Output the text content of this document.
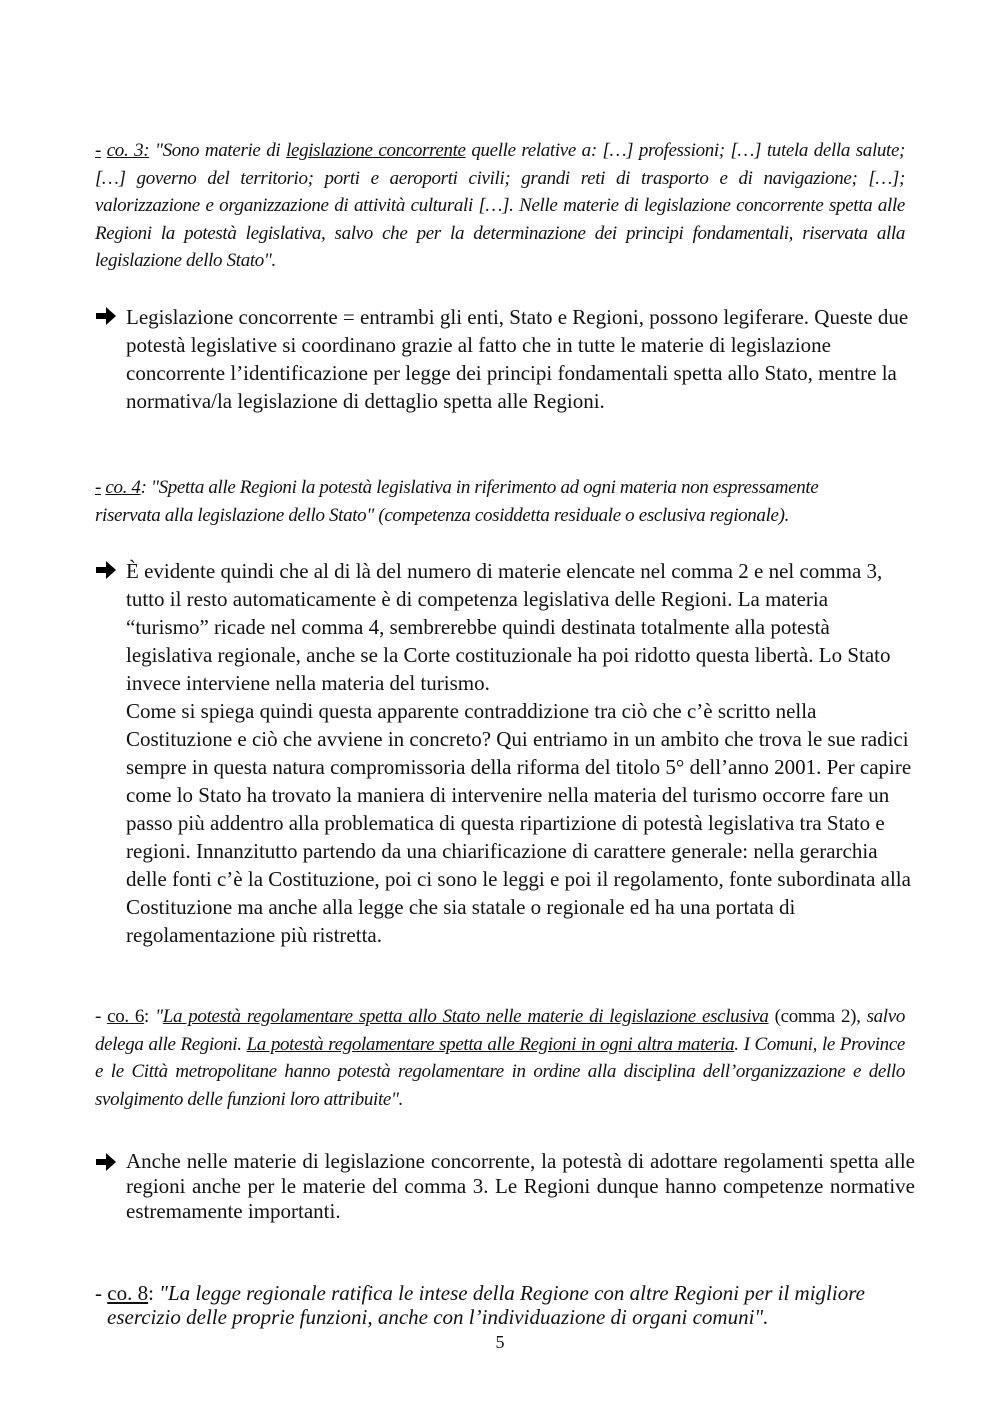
- co. 3: "Sono materie di legislazione concorrente quelle relative a: […] professioni; […] tutela della salute; […] governo del territorio; porti e aeroporti civili; grandi reti di trasporto e di navigazione; […]; valorizzazione e organizzazione di attività culturali […]. Nelle materie di legislazione concorrente spetta alle Regioni la potestà legislativa, salvo che per la determinazione dei principi fondamentali, riservata alla legislazione dello Stato".
Legislazione concorrente = entrambi gli enti, Stato e Regioni, possono legiferare. Queste due potestà legislative si coordinano grazie al fatto che in tutte le materie di legislazione concorrente l’identificazione per legge dei principi fondamentali spetta allo Stato, mentre la normativa/la legislazione di dettaglio spetta alle Regioni.
- co. 4: "Spetta alle Regioni la potestà legislativa in riferimento ad ogni materia non espressamente riservata alla legislazione dello Stato" (competenza cosiddetta residuale o esclusiva regionale).

È evidente quindi che al di là del numero di materie elencate nel comma 2 e nel comma 3, tutto il resto automaticamente è di competenza legislativa delle Regioni. La materia “turismo” ricade nel comma 4, sembrerebbe quindi destinata totalmente alla potestà legislativa regionale, anche se la Corte costituzionale ha poi ridotto questa libertà. Lo Stato invece interviene nella materia del turismo.

Come si spiega quindi questa apparente contraddizione tra ciò che c’è scritto nella Costituzione e ciò che avviene in concreto? Qui entriamo in un ambito che trova le sue radici sempre in questa natura compromissoria della riforma del titolo 5° dell’anno 2001. Per capire come lo Stato ha trovato la maniera di intervenire nella materia del turismo occorre fare un passo più addentro alla problematica di questa ripartizione di potestà legislativa tra Stato e regioni. Innanzitutto partendo da una chiarificazione di carattere generale: nella gerarchia delle fonti c’è la Costituzione, poi ci sono le leggi e poi il regolamento, fonte subordinata alla Costituzione ma anche alla legge che sia statale o regionale ed ha una portata di regolamentazione più ristretta.

- co. 6: "La potestà regolamentare spetta allo Stato nelle materie di legislazione esclusiva (comma 2), salvo delega alle Regioni. La potestà regolamentare spetta alle Regioni in ogni altra materia. I Comuni, le Province e le Città metropolitane hanno potestà regolamentare in ordine alla disciplina dell’organizzazione e dello svolgimento delle funzioni loro attribuite".
Anche nelle materie di legislazione concorrente, la potestà di adottare regolamenti spetta alle regioni anche per le materie del comma 3. Le Regioni dunque hanno competenze normative estremamente importanti.
- co. 8: "La legge regionale ratifica le intese della Regione con altre Regioni per il migliore
esercizio delle proprie funzioni, anche con l’individuazione di organi comuni".
5
